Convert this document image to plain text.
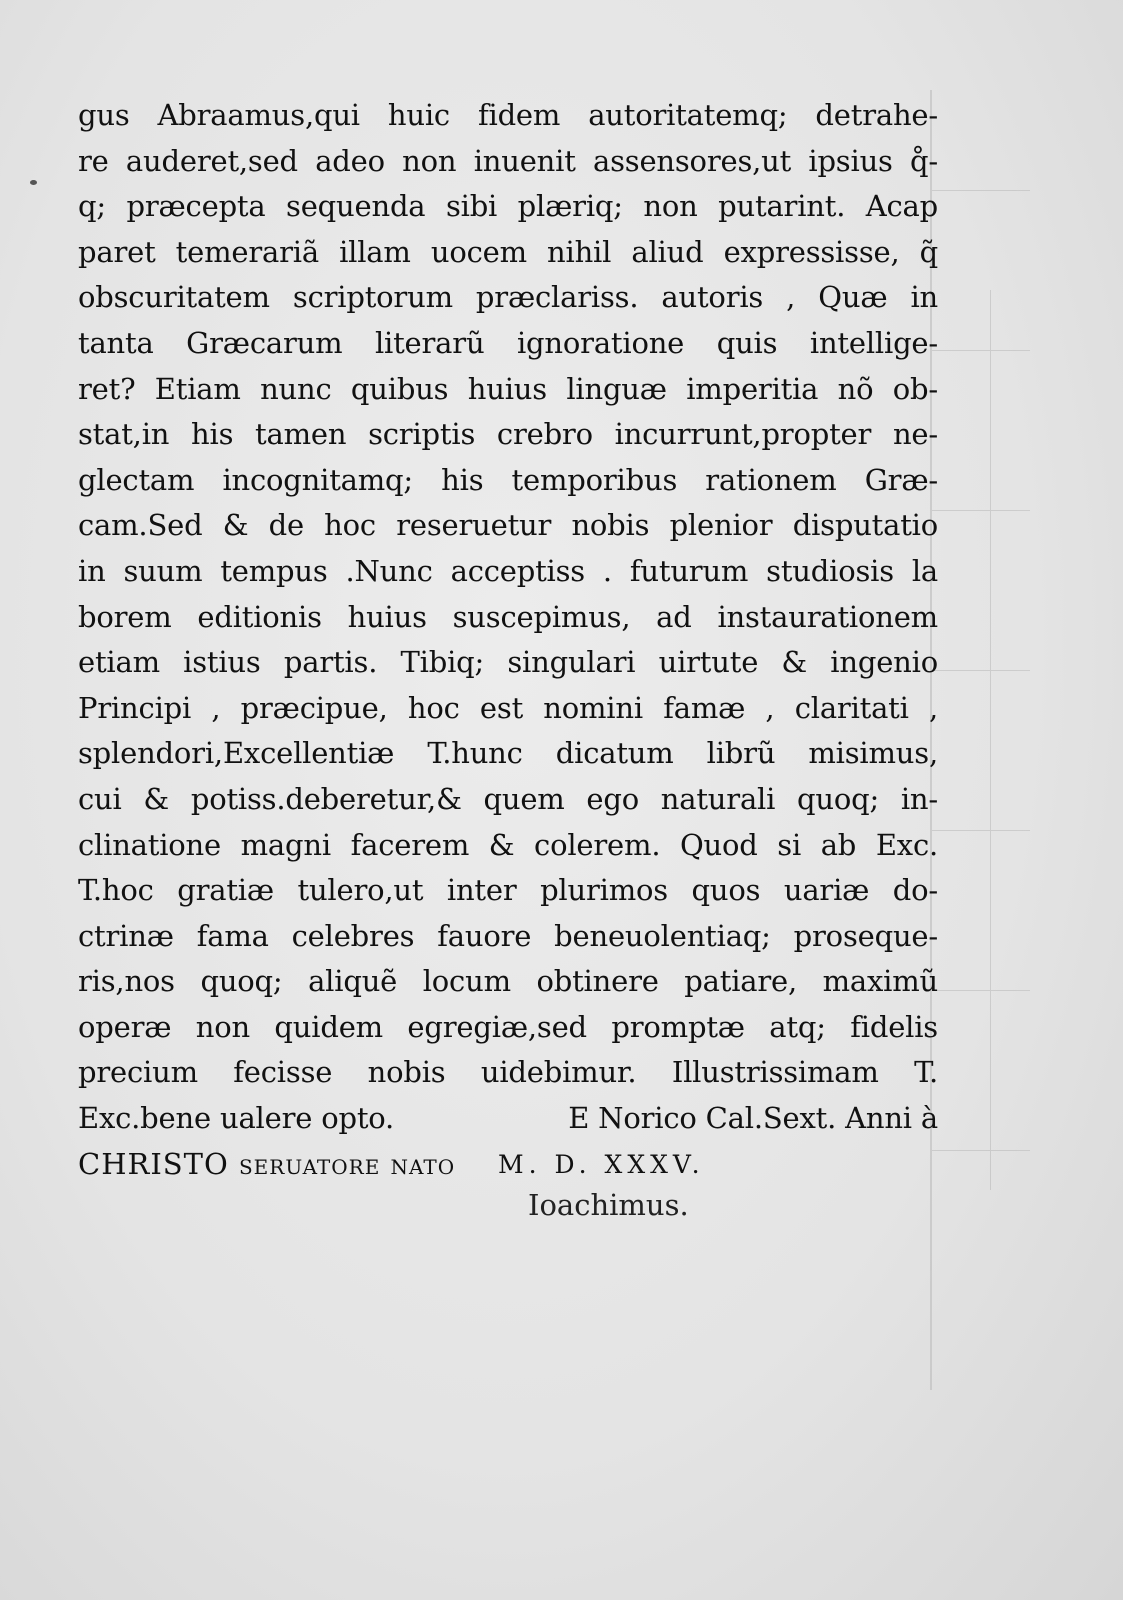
gus Abraamus,qui huic fidem autoritatemq; detrahe-
re auderet,sed adeo non inuenit assensores,ut ipsius q̊-
q; præcepta sequenda sibi plæriq; non putarint. Acap
paret temerariã illam uocem nihil aliud expressisse, q̃
obscuritatem scriptorum præclariss. autoris , Quæ in
tanta Græcarum literarũ ignoratione quis intellige-
ret? Etiam nunc quibus huius linguæ imperitia nõ ob-
stat,in his tamen scriptis crebro incurrunt,propter ne-
glectam incognitamq; his temporibus rationem Græ-
cam.Sed & de hoc reseruetur nobis plenior disputatio
in suum tempus .Nunc acceptiss . futurum studiosis la
borem editionis huius suscepimus, ad instaurationem
etiam istius partis. Tibiq; singulari uirtute & ingenio
Principi , præcipue, hoc est nomini famæ , claritati ,
splendori,Excellentiæ T.hunc dicatum librũ misimus,
cui & potiss.deberetur,& quem ego naturali quoq; in-
clinatione magni facerem & colerem. Quod si ab Exc.
T.hoc gratiæ tulero,ut inter plurimos quos uariæ do-
ctrinæ fama celebres fauore beneuolentiaq; proseque-
ris,nos quoq; aliquẽ locum obtinere patiare, maximũ
operæ non quidem egregiæ,sed promptæ atq; fidelis
precium fecisse nobis uidebimur. Illustrissimam T.
Exc.bene ualere opto.	E Norico Cal.Sext. Anni à
CHRISTO seruatore nato M. D. XXXV.
Ioachimus.
